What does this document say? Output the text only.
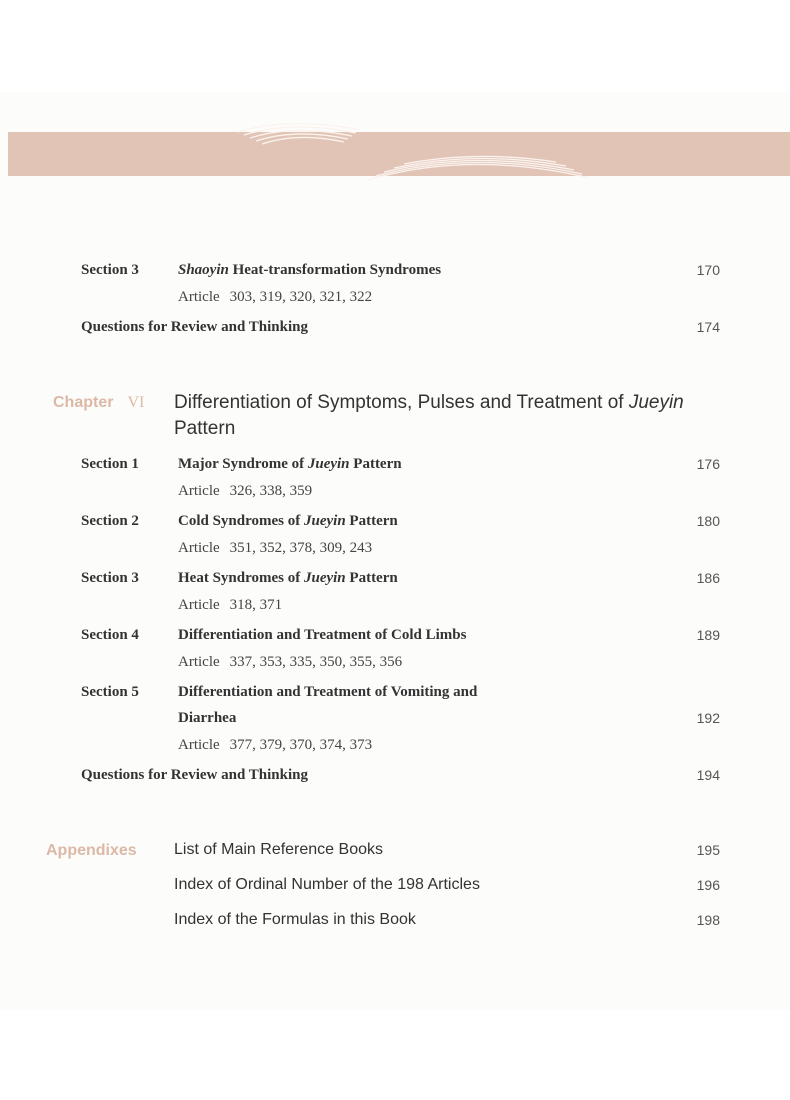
Section 3	Shaoyin Heat-transformation Syndromes	170
Article 303, 319, 320, 321, 322
Questions for Review and Thinking	174
Chapter VI Differentiation of Symptoms, Pulses and Treatment of Jueyin
Pattern
Section 1	Major Syndrome of Jueyin Pattern	176
Article 326, 338, 359
Section 2	Cold Syndromes of Jueyin Pattern	180
Article 351, 352, 378, 309, 243
Section 3	Heat Syndromes of Jueyin Pattern	186
Article 318, 371
Section 4	Differentiation and Treatment of Cold Limbs	189
Article 337, 353, 335, 350, 355, 356
Section 5	Differentiation and Treatment of Vomiting and
Diarrhea	192
Article 377, 379, 370, 374, 373
Questions for Review and Thinking	194
Appendixes List of Main Reference Books	195
Index of Ordinal Number of the 198 Articles	196
Index of the Formulas in this Book	198
